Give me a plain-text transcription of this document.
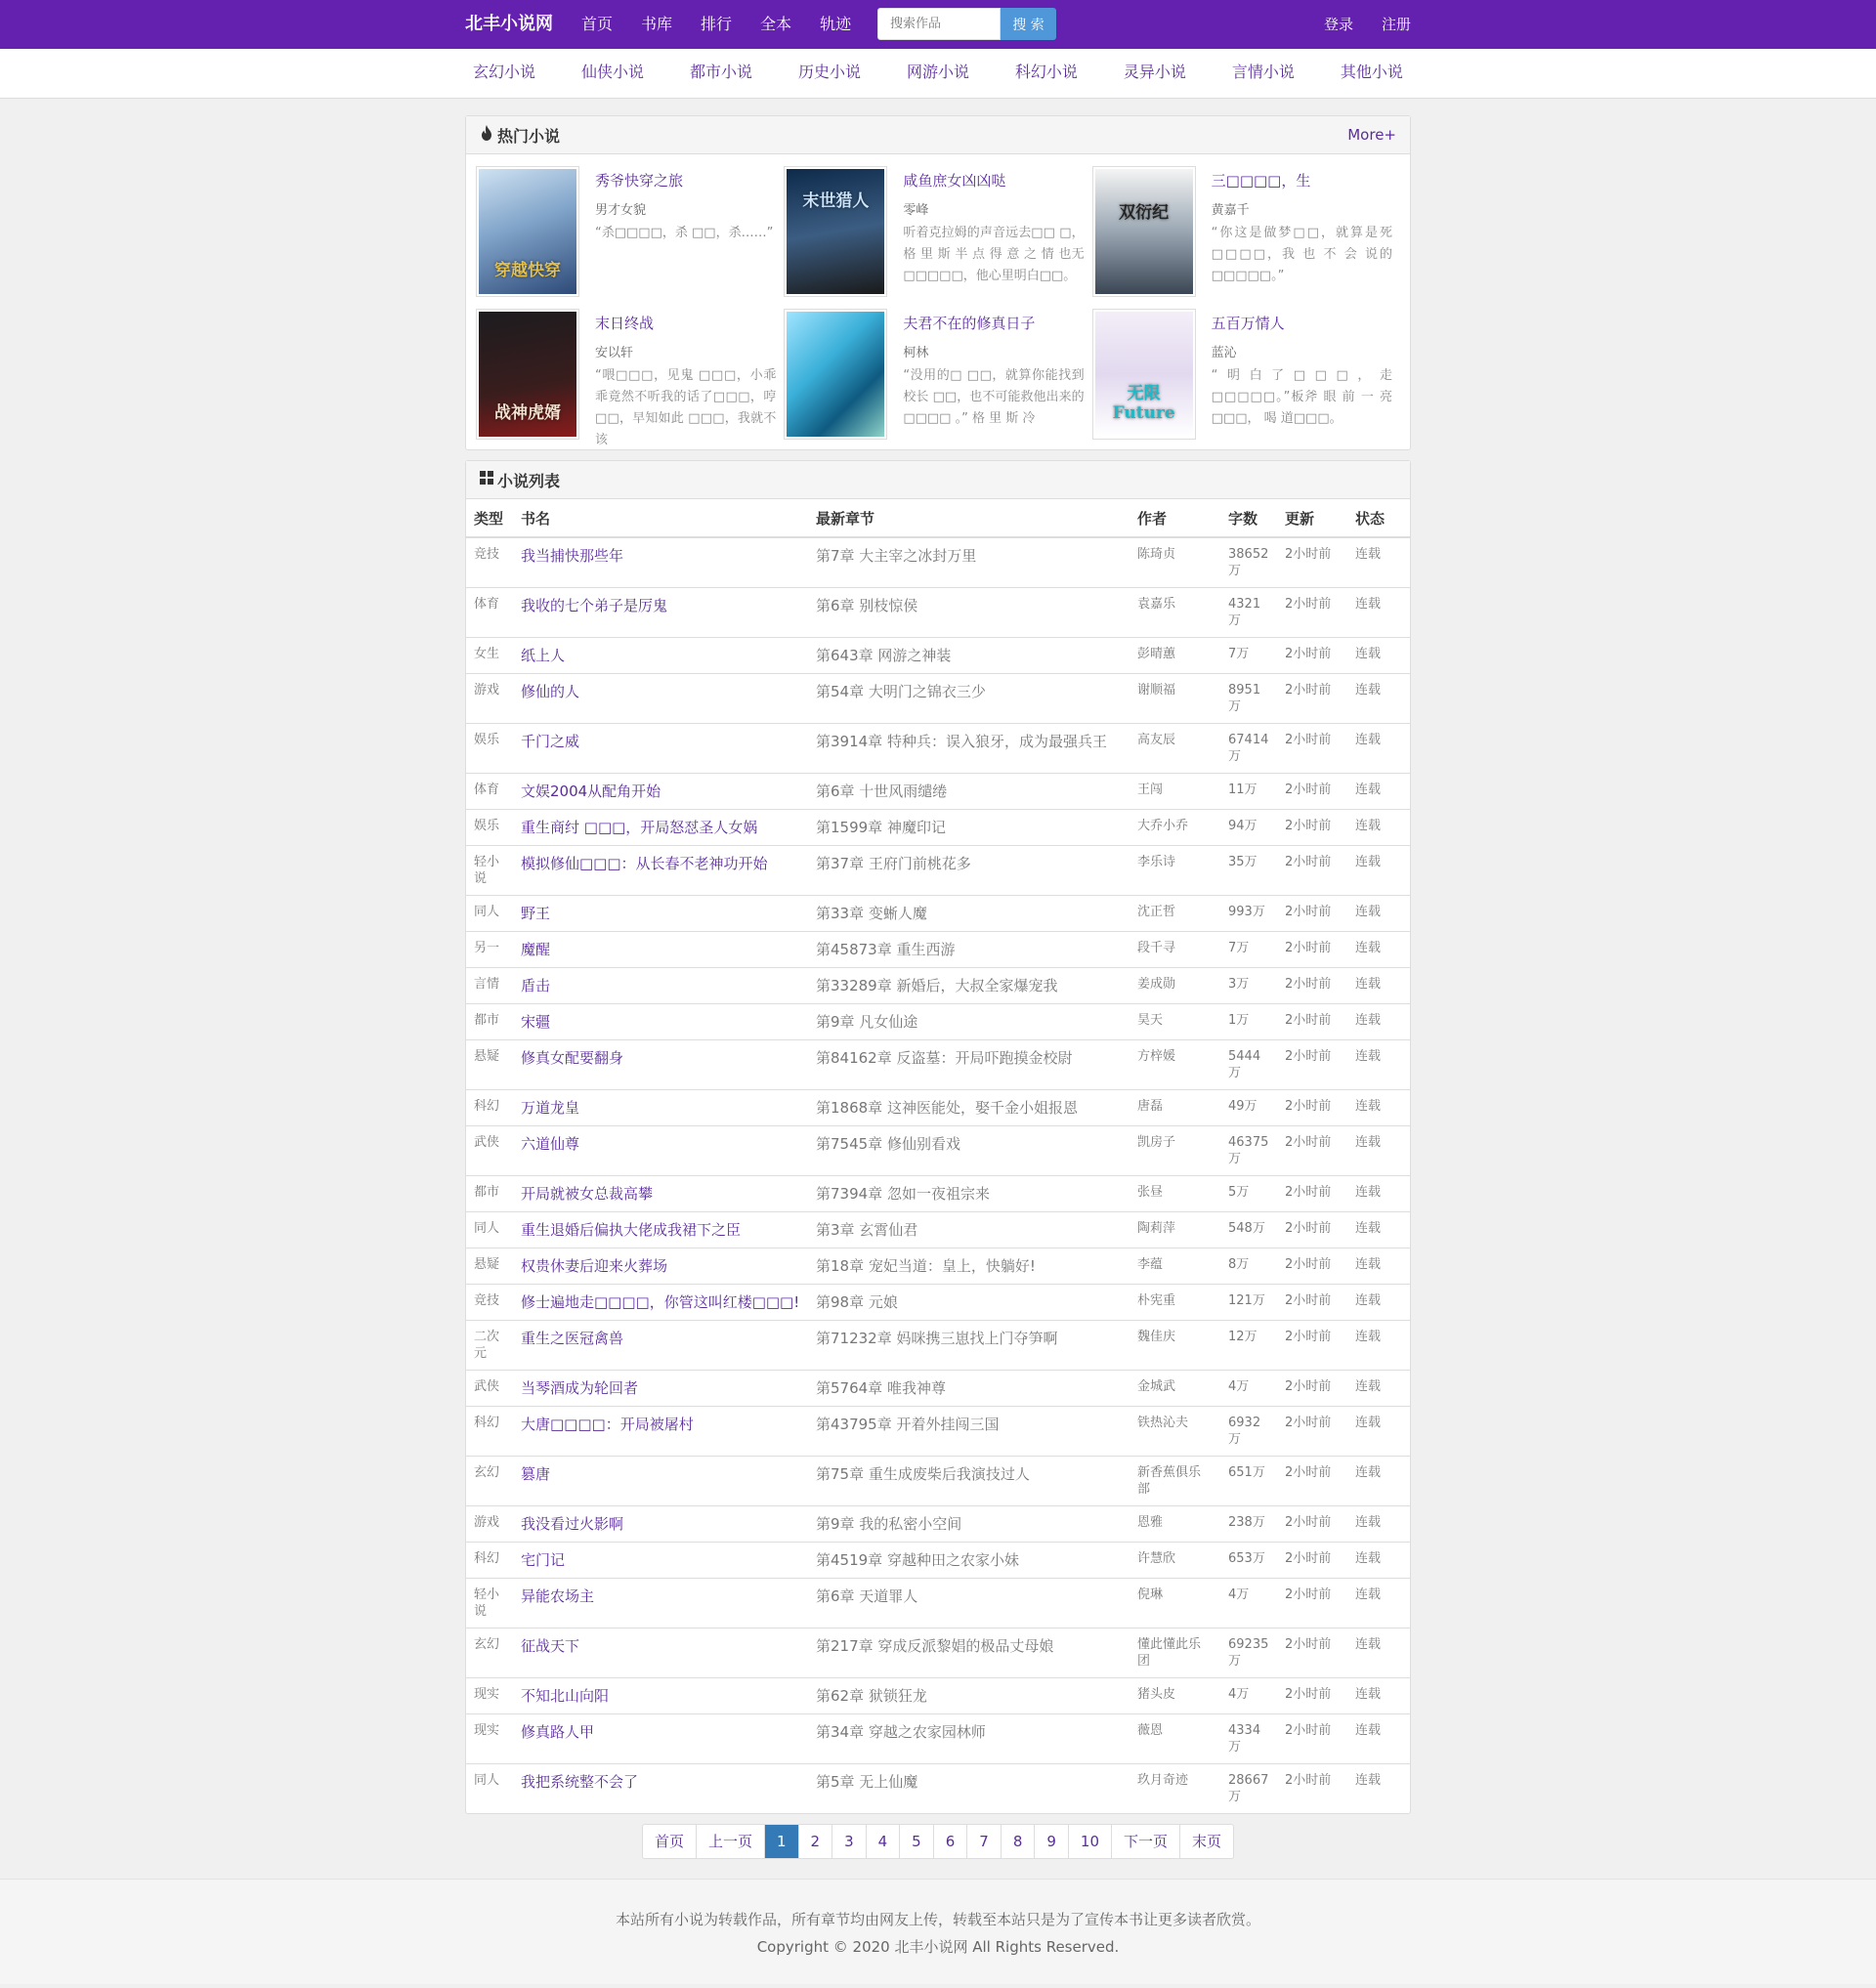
北丰小说网 首页 书库 排行 全本 轨迹
搜索作品	搜 索	登录 注册
玄幻小说	仙侠小说	都市小说	历史小说	网游小说	科幻小说	灵异小说	言情小说	其他小说
热门小说	More+
穿越快穿
秀爷快穿之旅
男才女貌
“杀□□□□，杀 □□，杀……”
末世猎人
咸鱼庶女凶凶哒
零峰
听着克拉姆的声音远去□□ □，格 里 斯 半 点 得 意 之 情 也无□□□□□，他心里明白□□。
双衍纪
三□□□□，生
黄嘉千
“你这是做梦□□，就算是死 □□□□，我 也 不 会 说的□□□□□。”
战神虎婿
末日终战
安以轩
“喂□□□，见鬼 □□□，小乖乖竟然不听我的话了□□□，哼□□，早知如此 □□□，我就不该
夫君不在的修真日子
柯林
“没用的□ □□，就算你能找到校长 □□，也不可能救他出来的 □□□□ 。” 格 里 斯 冷
无限 Future
五百万情人
蓝沁
“明白了□□□，走□□□□□。”板斧 眼 前 一 亮 □□□， 喝 道□□□。
小说列表
类型	书名	最新章节	作者	字数	更新	状态
竞技	我当捕快那些年	第7章 大主宰之冰封万里	陈琦贞	38652万	2小时前	连载
体育	我收的七个弟子是厉鬼	第6章 别枝惊侯	袁嘉乐	4321万	2小时前	连载
女生	纸上人	第643章 网游之神装	彭晴蕙	7万	2小时前	连载
游戏	修仙的人	第54章 大明门之锦衣三少	谢顺福	8951万	2小时前	连载
娱乐	千门之威	第3914章 特种兵：误入狼牙，成为最强兵王	高友辰	67414万	2小时前	连载
体育	文娱2004从配角开始	第6章 十世风雨缱绻	王闯	11万	2小时前	连载
娱乐	重生商纣 □□□，开局怒怼圣人女娲	第1599章 神魔印记	大乔小乔	94万	2小时前	连载
轻小说	模拟修仙□□□：从长春不老神功开始	第37章 王府门前桃花多	李乐诗	35万	2小时前	连载
同人	野王	第33章 变蜥人魔	沈正哲	993万	2小时前	连载
另一	魔醒	第45873章 重生西游	段千寻	7万	2小时前	连载
言情	盾击	第33289章 新婚后，大叔全家爆宠我	姜成勋	3万	2小时前	连载
都市	宋疆	第9章 凡女仙途	昊天	1万	2小时前	连载
悬疑	修真女配要翻身	第84162章 反盗墓：开局吓跑摸金校尉	方梓媛	5444万	2小时前	连载
科幻	万道龙皇	第1868章 这神医能处，娶千金小姐报恩	唐磊	49万	2小时前	连载
武侠	六道仙尊	第7545章 修仙别看戏	凯房子	46375万	2小时前	连载
都市	开局就被女总裁高攀	第7394章 忽如一夜祖宗来	张昼	5万	2小时前	连载
同人	重生退婚后偏执大佬成我裙下之臣	第3章 玄霄仙君	陶莉萍	548万	2小时前	连载
悬疑	权贵休妻后迎来火葬场	第18章 宠妃当道：皇上，快躺好!	李蕴	8万	2小时前	连载
竞技	修士遍地走□□□□，你管这叫红楼□□□!	第98章 元娘	朴宪重	121万	2小时前	连载
二次元	重生之医冠禽兽	第71232章 妈咪携三崽找上门夺笋啊	魏佳庆	12万	2小时前	连载
武侠	当琴酒成为轮回者	第5764章 唯我神尊	金城武	4万	2小时前	连载
科幻	大唐□□□□：开局被屠村	第43795章 开着外挂闯三国	铁热沁夫	6932万	2小时前	连载
玄幻	篡唐	第75章 重生成废柴后我演技过人	新香蕉俱乐部	651万	2小时前	连载
游戏	我没看过火影啊	第9章 我的私密小空间	恩雅	238万	2小时前	连载
科幻	宅门记	第4519章 穿越种田之农家小妹	许慧欣	653万	2小时前	连载
轻小说	异能农场主	第6章 天道罪人	倪琳	4万	2小时前	连载
玄幻	征战天下	第217章 穿成反派黎娼的极品丈母娘	懂此懂此乐团	69235万	2小时前	连载
现实	不知北山向阳	第62章 狱锁狂龙	猪头皮	4万	2小时前	连载
现实	修真路人甲	第34章 穿越之农家园林师	薇恩	4334万	2小时前	连载
同人	我把系统整不会了	第5章 无上仙魔	玖月奇迹	28667万	2小时前	连载
首页	上一页	1	2	3	4	5	6	7	8	9	10	下一页	末页

本站所有小说为转载作品，所有章节均由网友上传，转载至本站只是为了宣传本书让更多读者欣赏。

Copyright © 2020 北丰小说网 All Rights Reserved.
